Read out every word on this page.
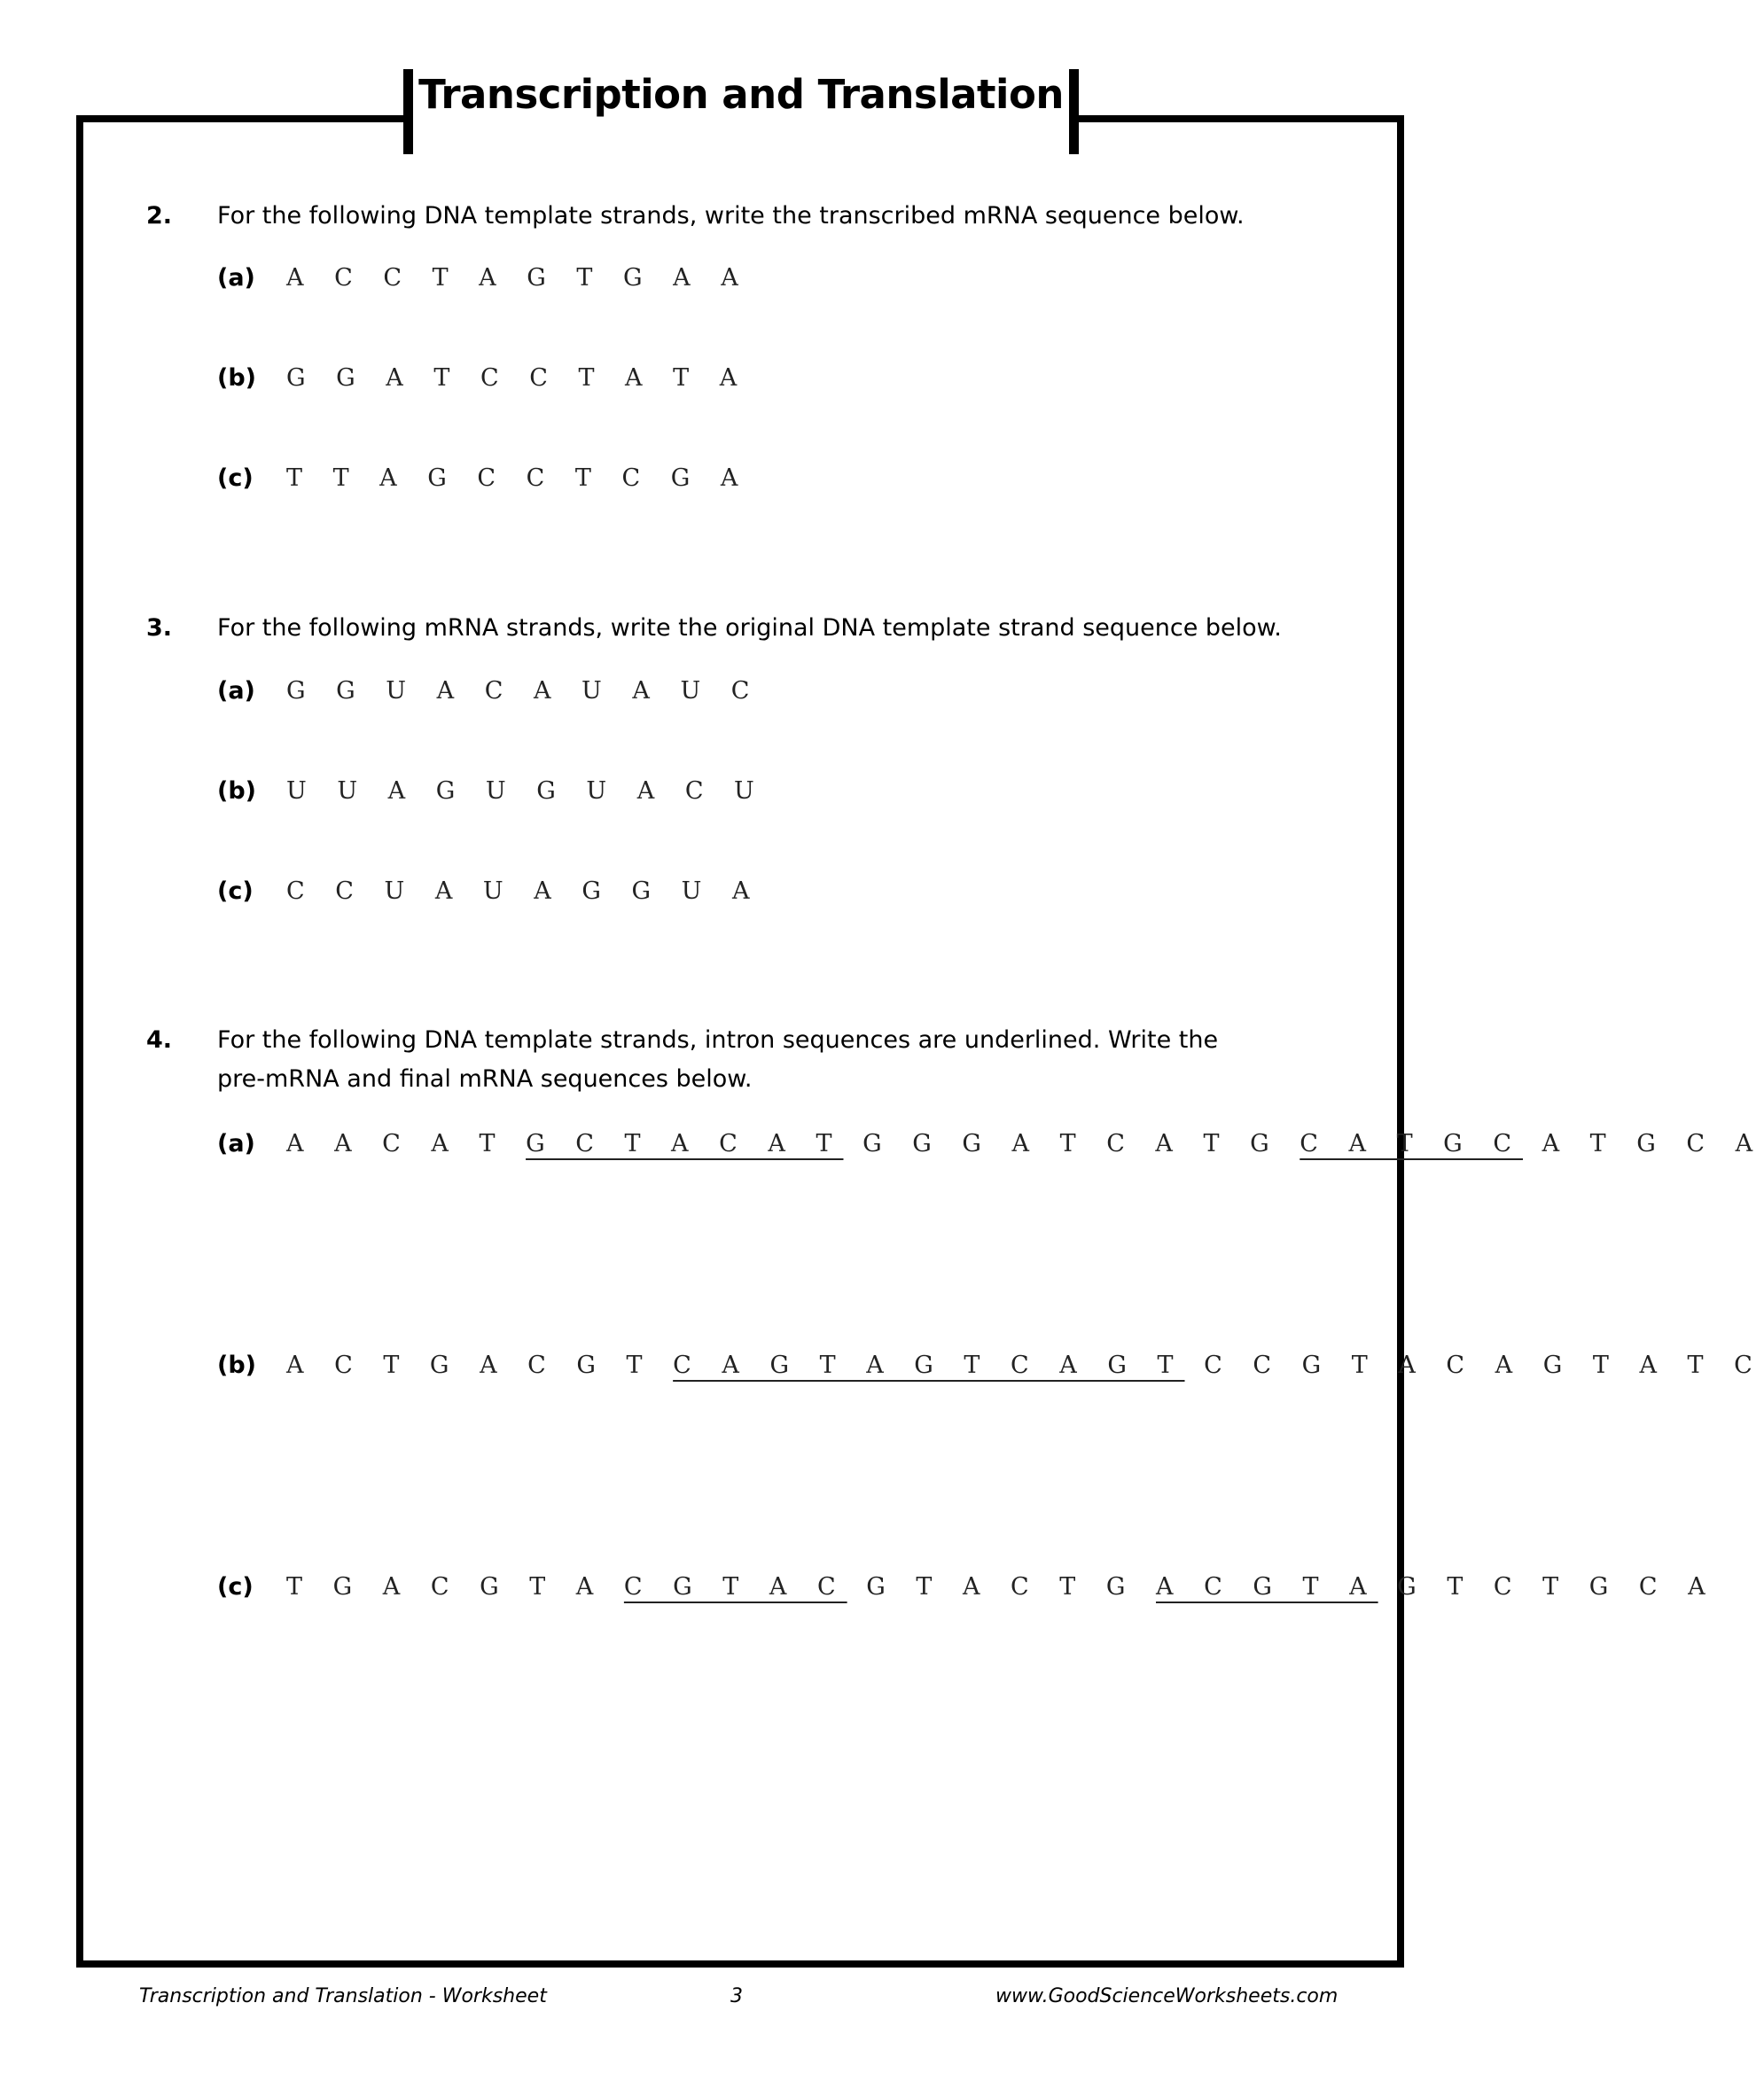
Transcription and Translation
2. For the following DNA template strands, write the transcribed mRNA sequence below.
(a) A C C T A G T G A A
(b) G G A T C C T A T A
(c) T T A G C C T C G A
3. For the following mRNA strands, write the original DNA template strand sequence below.
(a) G G U A C A U A U C
(b) U U A G U G U A C U
(c) C C U A U A G G U A
4. For the following DNA template strands, intron sequences are underlined. Write the
pre-mRNA and final mRNA sequences below.
(a) A A C A T G C T A C A T G G G A T C A T G C A T G C A T G C A
(b) A C T G A C G T C A G T A G T C A G T C C G T A C A G T A T C
(c) T G A C G T A C G T A C G T A C T G A C G T A G T C T G C A
Transcription and Translation - Worksheet	3	www.GoodScienceWorksheets.com
